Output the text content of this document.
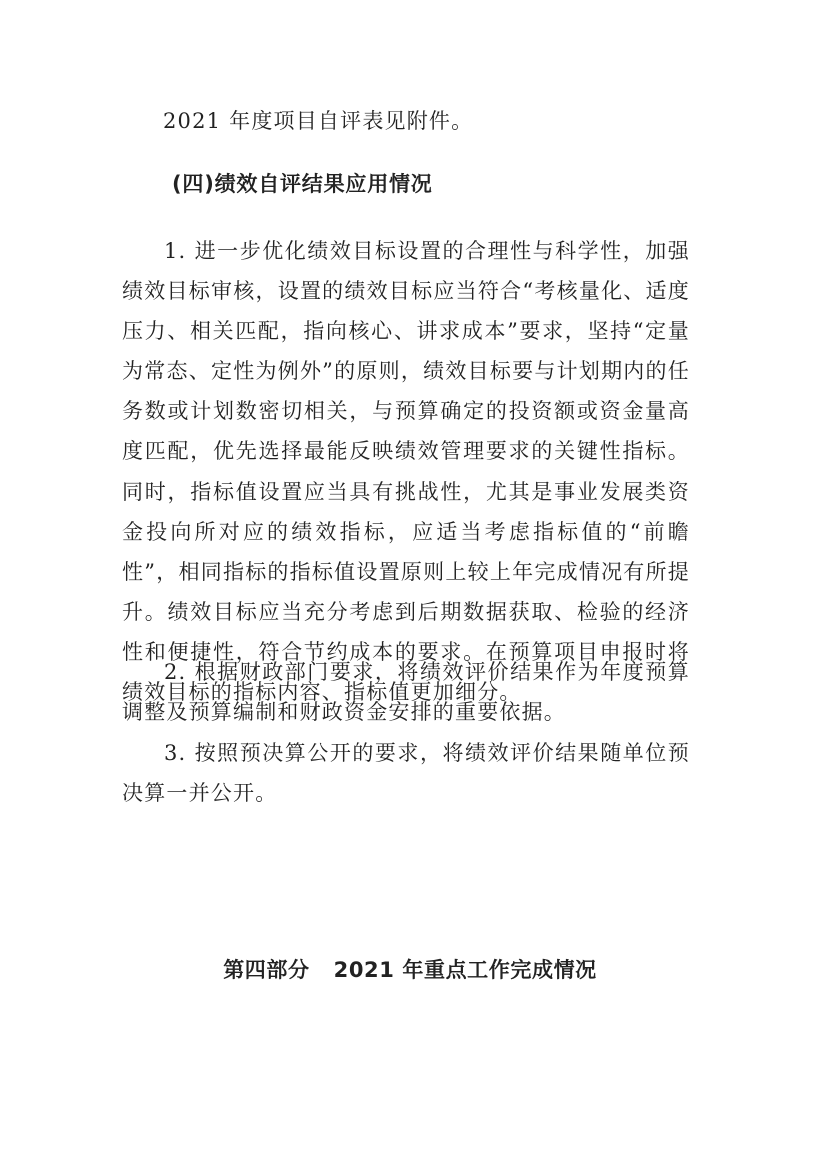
2021 年度项目自评表见附件。
(四)绩效自评结果应用情况
1. 进一步优化绩效目标设置的合理性与科学性，加强绩效目标审核，设置的绩效目标应当符合“考核量化、适度压力、相关匹配，指向核心、讲求成本”要求，坚持“定量为常态、定性为例外”的原则，绩效目标要与计划期内的任务数或计划数密切相关，与预算确定的投资额或资金量高度匹配，优先选择最能反映绩效管理要求的关键性指标。同时，指标值设置应当具有挑战性，尤其是事业发展类资金投向所对应的绩效指标，应适当考虑指标值的“前瞻性”，相同指标的指标值设置原则上较上年完成情况有所提升。绩效目标应当充分考虑到后期数据获取、检验的经济性和便捷性，符合节约成本的要求。在预算项目申报时将绩效目标的指标内容、指标值更加细分。
2. 根据财政部门要求，将绩效评价结果作为年度预算调整及预算编制和财政资金安排的重要依据。
3. 按照预决算公开的要求，将绩效评价结果随单位预决算一并公开。
第四部分 2021 年重点工作完成情况
